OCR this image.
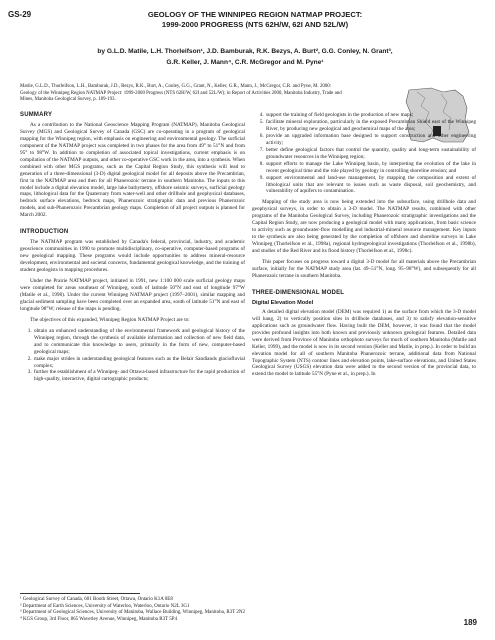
GS-29	GEOLOGY OF THE WINNIPEG REGION NATMAP PROJECT:
1999-2000 PROGRESS (NTS 62H/W, 62I AND 52L/W)
by G.L.D. Matile, L.H. Thorleifson¹, J.D. Bamburak, R.K. Bezys, A. Burt², G.G. Conley, N. Grant³,
G.R. Keller, J. Mann⁴, C.R. McGregor and M. Pyne¹
Matile, G.L.D., Thorleifson, L.H., Bamburak, J.D., Bezys, R.K., Burt, A., Conley, G.G., Grant, N., Keller, G.R., Mann, J., McGregor, C.R. and Pyne, M. 2000: Geology of the Winnipeg Region NATMAP Project: 1999-2000 Progress (NTS 62H/W, 62I and 52L/W); in Report of Activities 2000, Manitoba Industry, Trade and Mines, Manitoba Geological Survey, p. 189-193.
SUMMARY

As a contribution to the National Geoscience Mapping Program (NATMAP), Manitoba Geological Survey (MGS) and Geological Survey of Canada (GSC) are co-operating in a program of geological mapping for the Winnipeg region, with emphasis on engineering and environmental geology. The surficial component of the NATMAP project was completed in two phases for the area from 49° to 51°N and from 95° to 98°W. In addition to completion of associated topical investigations, current emphasis is on compilation of the NATMAP outputs, and other co-operative GSC work in the area, into a synthesis. When combined with other MGS programs, such as the Capital Region Study, this synthesis will lead to generation of a three-dimensional (3-D) digital geological model for all deposits above the Precambrian, first in the NATMAP area and then for all Phanerozoic terrane in southern Manitoba. The inputs to this model include a digital elevation model, large lake bathymetry, offshore seismic surveys, surficial geology maps, lithological data for the Quaternary from water-well and other drillhole and geophysical databases, bedrock surface elevations, bedrock maps, Phanerozoic stratigraphic data and previous Phanerozoic models, and sub-Phanerozoic Precambrian geology maps. Completion of all project outputs is planned for March 2002.

INTRODUCTION

The NATMAP program was established by Canada's federal, provincial, industry, and academic geoscience communities in 1990 to promote multidisciplinary, co-operative, computer-based programs of new geological mapping. These programs would include opportunities to address mineral-resource development, environmental and societal concerns, fundamental geological knowledge, and the training of student geologists in mapping procedures.

Under the Prairie NATMAP project, initiated in 1991, new 1:100 000 scale surficial geology maps were completed for areas southeast of Winnipeg, south of latitude 50°N and east of longitude 97°W (Matile et al., 1998). Under the current Winnipeg NATMAP project (1997–2001), similar mapping and glacial sediment sampling have been completed over an expanded area, south of latitude 51°N and east of longitude 98°W; release of the maps is pending.

The objectives of this expanded, Winnipeg Region NATMAP Project are to:

1. obtain an enhanced understanding of the environmental framework and geological history of the Winnipeg region, through the synthesis of available information and collection of new field data, and to communicate this knowledge to users, primarily in the form of new, computer-based geological maps;
2. make major strides in understanding geological features such as the Belair Sandlands glaciofluvial complex;
3. further the establishment of a Winnipeg- and Ottawa-based infrastructure for the rapid production of high-quality, interactive, digital cartographic products;
4. support the training of field geologists in the production of new maps;
5. facilitate mineral exploration, particularly in the exposed Precambrian Shield east of the Winnipeg River, by producing new geological and geochemical maps of the area;
6. provide an upgraded information base designed to support construction and other engineering activity;
7. better define geological factors that control the quantity, quality and long-term sustainability of groundwater resources in the Winnipeg region;
8. support efforts to manage the Lake Winnipeg basin, by interpreting the evolution of the lake in recent geological time and the role played by geology in controlling shoreline erosion; and
9. support environmental and land-use management, by mapping the composition and extent of lithological units that are relevant to issues such as waste disposal, soil geochemistry, and vulnerability of aquifers to contamination.

Mapping of the study area is now being extended into the subsurface, using drillhole data and geophysical surveys, in order to obtain a 3-D model. The NATMAP results, combined with other programs of the Manitoba Geological Survey, including Phanerozoic stratigraphic investigations and the Capital Region Study, are now producing a geological model with many applications, from basic science to activity such as groundwater-flow modelling and industrial-mineral resource management. Key inputs to the synthesis are also being generated by the completion of offshore and shoreline surveys in Lake Winnipeg (Thorleifson et al., 1998a), regional hydrogeological investigations (Thorleifson et al., 1998b), and studies of the Red River and its flood history (Thorleifson et al., 1998c).

This paper focuses on progress toward a digital 3-D model for all materials above the Precambrian surface, initially for the NATMAP study area (lat. 49–51°N, long. 95–98°W), and subsequently for all Phanerozoic terrane in southern Manitoba.

THREE-DIMENSIONAL MODEL
Digital Elevation Model

A detailed digital elevation model (DEM) was required 1) as the surface from which the 3-D model will hang, 2) to vertically position sites in drillhole databases, and 3) to satisfy elevation-sensitive applications such as groundwater flow. Having built the DEM, however, it was found that the model provides profound insights into both known and previously unknown geological features. Detailed data were derived from Province of Manitoba orthophoto surveys for much of southern Manitoba (Matile and Keller, 1999), and the model is now in its second version (Keller and Matile, in prep.). In order to build an elevation model for all of southern Manitoba Phanerozoic terrane, additional data from National Topographic System (NTS) contour lines and elevation points, lake-surface elevations, and United States Geological Survey (USGS) elevation data were added to the second version of the provincial data, to extend the model to latitude 55°N (Pyne et al., in prep.). In

¹ Geological Survey of Canada, 601 Booth Street, Ottawa, Ontario K1A 0E8
² Department of Earth Sciences, University of Waterloo, Waterloo, Ontario N2L 3G1
³ Department of Geological Sciences, University of Manitoba, Wallace Building, Winnipeg, Manitoba, R3T 2N2
⁴ KGS Group, 3rd Floor, 865 Waverley Avenue, Winnipeg, Manitoba R3T 5P4	189
